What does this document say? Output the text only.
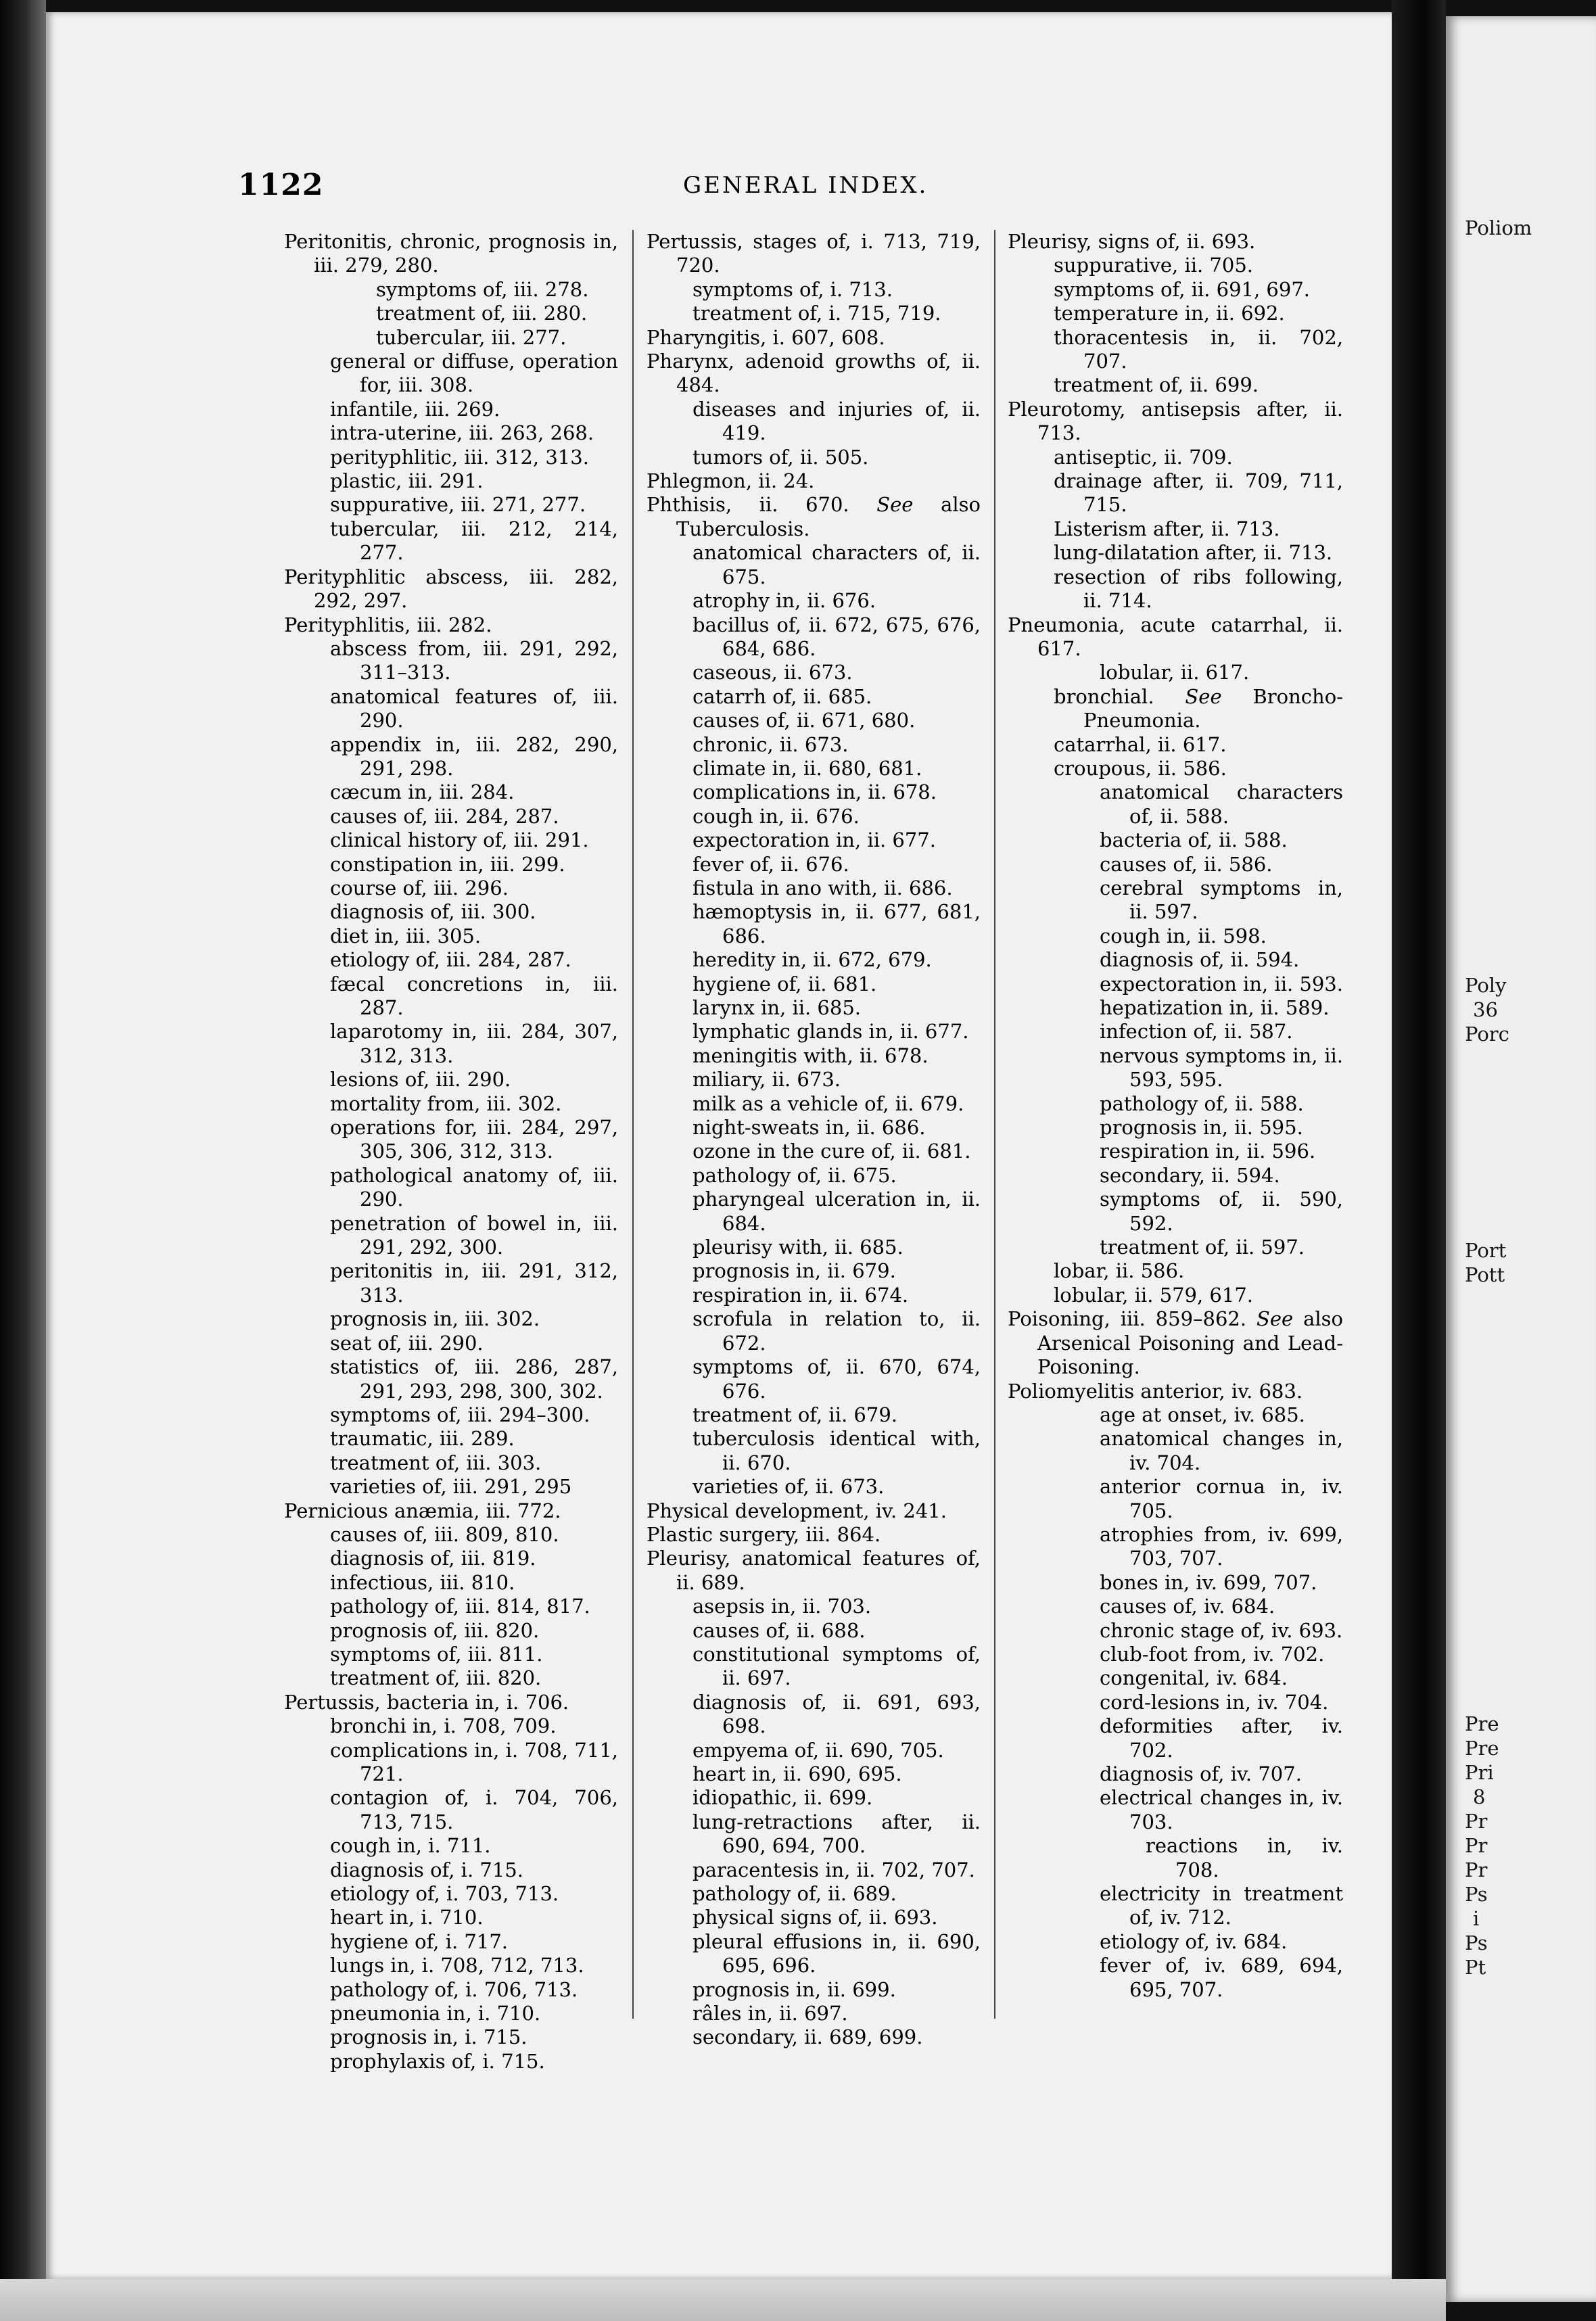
1122	GENERAL INDEX.
Peritonitis, chronic, prognosis in, iii. 279, 280.
symptoms of, iii. 278.
treatment of, iii. 280.
tubercular, iii. 277.
general or diffuse, operation for, iii. 308.
infantile, iii. 269.
intra-uterine, iii. 263, 268.
perityphlitic, iii. 312, 313.
plastic, iii. 291.
suppurative, iii. 271, 277.
tubercular, iii. 212, 214, 277.
Perityphlitic abscess, iii. 282, 292, 297.
Perityphlitis, iii. 282.
abscess from, iii. 291, 292, 311–313.
anatomical features of, iii. 290.
appendix in, iii. 282, 290, 291, 298.
cæcum in, iii. 284.
causes of, iii. 284, 287.
clinical history of, iii. 291.
constipation in, iii. 299.
course of, iii. 296.
diagnosis of, iii. 300.
diet in, iii. 305.
etiology of, iii. 284, 287.
fæcal concretions in, iii. 287.
laparotomy in, iii. 284, 307, 312, 313.
lesions of, iii. 290.
mortality from, iii. 302.
operations for, iii. 284, 297, 305, 306, 312, 313.
pathological anatomy of, iii. 290.
penetration of bowel in, iii. 291, 292, 300.
peritonitis in, iii. 291, 312, 313.
prognosis in, iii. 302.
seat of, iii. 290.
statistics of, iii. 286, 287, 291, 293, 298, 300, 302.
symptoms of, iii. 294–300.
traumatic, iii. 289.
treatment of, iii. 303.
varieties of, iii. 291, 295
Pernicious anæmia, iii. 772.
causes of, iii. 809, 810.
diagnosis of, iii. 819.
infectious, iii. 810.
pathology of, iii. 814, 817.
prognosis of, iii. 820.
symptoms of, iii. 811.
treatment of, iii. 820.
Pertussis, bacteria in, i. 706.
bronchi in, i. 708, 709.
complications in, i. 708, 711, 721.
contagion of, i. 704, 706, 713, 715.
cough in, i. 711.
diagnosis of, i. 715.
etiology of, i. 703, 713.
heart in, i. 710.
hygiene of, i. 717.
lungs in, i. 708, 712, 713.
pathology of, i. 706, 713.
pneumonia in, i. 710.
prognosis in, i. 715.
prophylaxis of, i. 715.
Pertussis, stages of, i. 713, 719, 720.
symptoms of, i. 713.
treatment of, i. 715, 719.
Pharyngitis, i. 607, 608.
Pharynx, adenoid growths of, ii. 484.
diseases and injuries of, ii. 419.
tumors of, ii. 505.
Phlegmon, ii. 24.
Phthisis, ii. 670. See also Tuberculosis.
anatomical characters of, ii. 675.
atrophy in, ii. 676.
bacillus of, ii. 672, 675, 676, 684, 686.
caseous, ii. 673.
catarrh of, ii. 685.
causes of, ii. 671, 680.
chronic, ii. 673.
climate in, ii. 680, 681.
complications in, ii. 678.
cough in, ii. 676.
expectoration in, ii. 677.
fever of, ii. 676.
fistula in ano with, ii. 686.
hæmoptysis in, ii. 677, 681, 686.
heredity in, ii. 672, 679.
hygiene of, ii. 681.
larynx in, ii. 685.
lymphatic glands in, ii. 677.
meningitis with, ii. 678.
miliary, ii. 673.
milk as a vehicle of, ii. 679.
night-sweats in, ii. 686.
ozone in the cure of, ii. 681.
pathology of, ii. 675.
pharyngeal ulceration in, ii. 684.
pleurisy with, ii. 685.
prognosis in, ii. 679.
respiration in, ii. 674.
scrofula in relation to, ii. 672.
symptoms of, ii. 670, 674, 676.
treatment of, ii. 679.
tuberculosis identical with, ii. 670.
varieties of, ii. 673.
Physical development, iv. 241.
Plastic surgery, iii. 864.
Pleurisy, anatomical features of, ii. 689.
asepsis in, ii. 703.
causes of, ii. 688.
constitutional symptoms of, ii. 697.
diagnosis of, ii. 691, 693, 698.
empyema of, ii. 690, 705.
heart in, ii. 690, 695.
idiopathic, ii. 699.
lung-retractions after, ii. 690, 694, 700.
paracentesis in, ii. 702, 707.
pathology of, ii. 689.
physical signs of, ii. 693.
pleural effusions in, ii. 690, 695, 696.
prognosis in, ii. 699.
râles in, ii. 697.
secondary, ii. 689, 699.
Pleurisy, signs of, ii. 693.
suppurative, ii. 705.
symptoms of, ii. 691, 697.
temperature in, ii. 692.
thoracentesis in, ii. 702, 707.
treatment of, ii. 699.
Pleurotomy, antisepsis after, ii. 713.
antiseptic, ii. 709.
drainage after, ii. 709, 711, 715.
Listerism after, ii. 713.
lung-dilatation after, ii. 713.
resection of ribs following, ii. 714.
Pneumonia, acute catarrhal, ii. 617.
lobular, ii. 617.
bronchial. See Broncho-Pneumonia.
catarrhal, ii. 617.
croupous, ii. 586.
anatomical characters of, ii. 588.
bacteria of, ii. 588.
causes of, ii. 586.
cerebral symptoms in, ii. 597.
cough in, ii. 598.
diagnosis of, ii. 594.
expectoration in, ii. 593.
hepatization in, ii. 589.
infection of, ii. 587.
nervous symptoms in, ii. 593, 595.
pathology of, ii. 588.
prognosis in, ii. 595.
respiration in, ii. 596.
secondary, ii. 594.
symptoms of, ii. 590, 592.
treatment of, ii. 597.
lobar, ii. 586.
lobular, ii. 579, 617.
Poisoning, iii. 859–862. See also Arsenical Poisoning and Lead-Poisoning.
Poliomyelitis anterior, iv. 683.
age at onset, iv. 685.
anatomical changes in, iv. 704.
anterior cornua in, iv. 705.
atrophies from, iv. 699, 703, 707.
bones in, iv. 699, 707.
causes of, iv. 684.
chronic stage of, iv. 693.
club-foot from, iv. 702.
congenital, iv. 684.
cord-lesions in, iv. 704.
deformities after, iv. 702.
diagnosis of, iv. 707.
electrical changes in, iv. 703.
reactions in, iv. 708.
electricity in treatment of, iv. 712.
etiology of, iv. 684.
fever of, iv. 689, 694, 695, 707.
Poliom
Poly
36
Porc
Port
Pott
Pre
Pre
Pri
8
Pr
Pr
Pr
Ps
i
Ps
Pt
